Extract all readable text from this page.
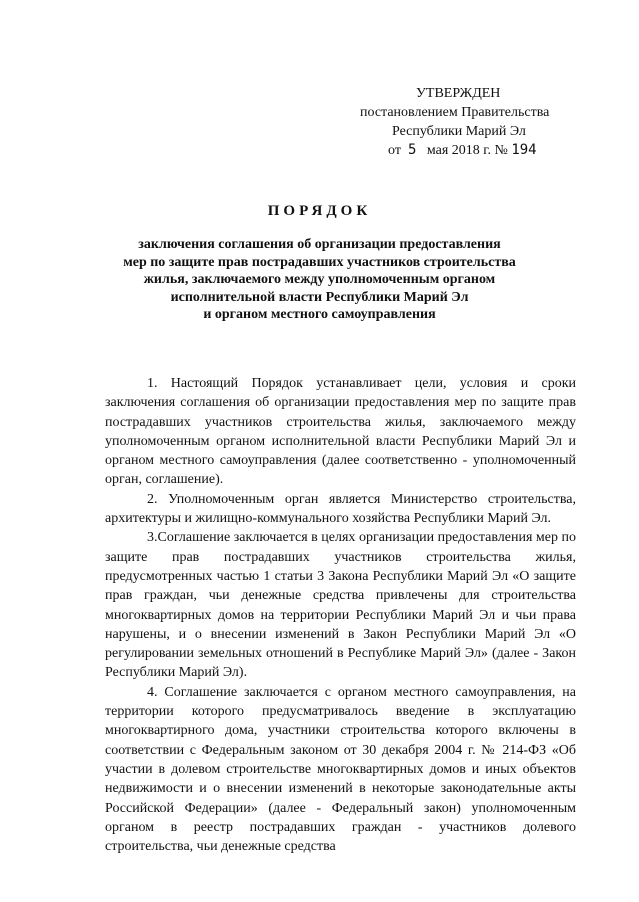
УТВЕРЖДЕН
постановлением Правительства
Республики Марий Эл
от 5 мая 2018 г. № 194
ПОРЯДОК
заключения соглашения об организации предоставления
мер по защите прав пострадавших участников строительства
жилья, заключаемого между уполномоченным органом
исполнительной власти Республики Марий Эл
и органом местного самоуправления

1. Настоящий Порядок устанавливает цели, условия и сроки заключения соглашения об организации предоставления мер по защите прав пострадавших участников строительства жилья, заключаемого между уполномоченным органом исполнительной власти Республики Марий Эл и органом местного самоуправления (далее соответственно - уполномоченный орган, соглашение).

2. Уполномоченным орган является Министерство строительства, архитектуры и жилищно-коммунального хозяйства Республики Марий Эл.

3.Соглашение заключается в целях организации предоставления мер по защите прав пострадавших участников строительства жилья, предусмотренных частью 1 статьи 3 Закона Республики Марий Эл «О защите прав граждан, чьи денежные средства привлечены для строительства многоквартирных домов на территории Республики Марий Эл и чьи права нарушены, и о внесении изменений в Закон Республики Марий Эл «О регулировании земельных отношений в Республике Марий Эл» (далее - Закон Республики Марий Эл).

4. Соглашение заключается с органом местного самоуправления, на территории которого предусматривалось введение в эксплуатацию многоквартирного дома, участники строительства которого включены в соответствии с Федеральным законом от 30 декабря 2004 г. № 214-ФЗ «Об участии в долевом строительстве многоквартирных домов и иных объектов недвижимости и о внесении изменений в некоторые законодательные акты Российской Федерации» (далее - Федеральный закон) уполномоченным органом в реестр пострадавших граждан - участников долевого строительства, чьи денежные средства
